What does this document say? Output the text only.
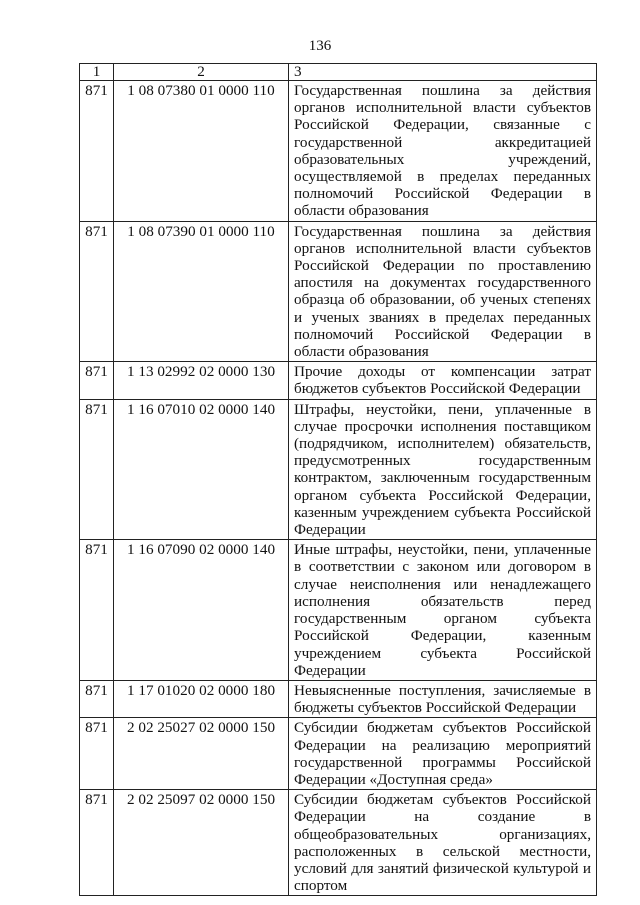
136
1	2	3

871	1 08 07380 01 0000 110	Государственная пошлина за действия органов исполнительной власти субъектов Российской Федерации, связанные с государственной аккредитацией образовательных учреждений, осуществляемой в пределах переданных полномочий Российской Федерации в области образования

871	1 08 07390 01 0000 110	Государственная пошлина за действия органов исполнительной власти субъектов Российской Федерации по проставлению апостиля на документах государственного образца об образовании, об ученых степенях и ученых званиях в пределах переданных полномочий Российской Федерации в области образования

871	1 13 02992 02 0000 130	Прочие доходы от компенсации затрат бюджетов субъектов Российской Федерации

871	1 16 07010 02 0000 140	Штрафы, неустойки, пени, уплаченные в случае просрочки исполнения поставщиком (подрядчиком, исполнителем) обязательств, предусмотренных государственным контрактом, заключенным государственным органом субъекта Российской Федерации, казенным учреждением субъекта Российской Федерации

871	1 16 07090 02 0000 140	Иные штрафы, неустойки, пени, уплаченные в соответствии с законом или договором в случае неисполнения или ненадлежащего исполнения обязательств перед государственным органом субъекта Российской Федерации, казенным учреждением субъекта Российской Федерации

871	1 17 01020 02 0000 180	Невыясненные поступления, зачисляемые в бюджеты субъектов Российской Федерации

871	2 02 25027 02 0000 150	Субсидии бюджетам субъектов Российской Федерации на реализацию мероприятий государственной программы Российской Федерации «Доступная среда»

871	2 02 25097 02 0000 150	Субсидии бюджетам субъектов Российской Федерации на создание в общеобразовательных организациях, расположенных в сельской местности, условий для занятий физической культурой и спортом
